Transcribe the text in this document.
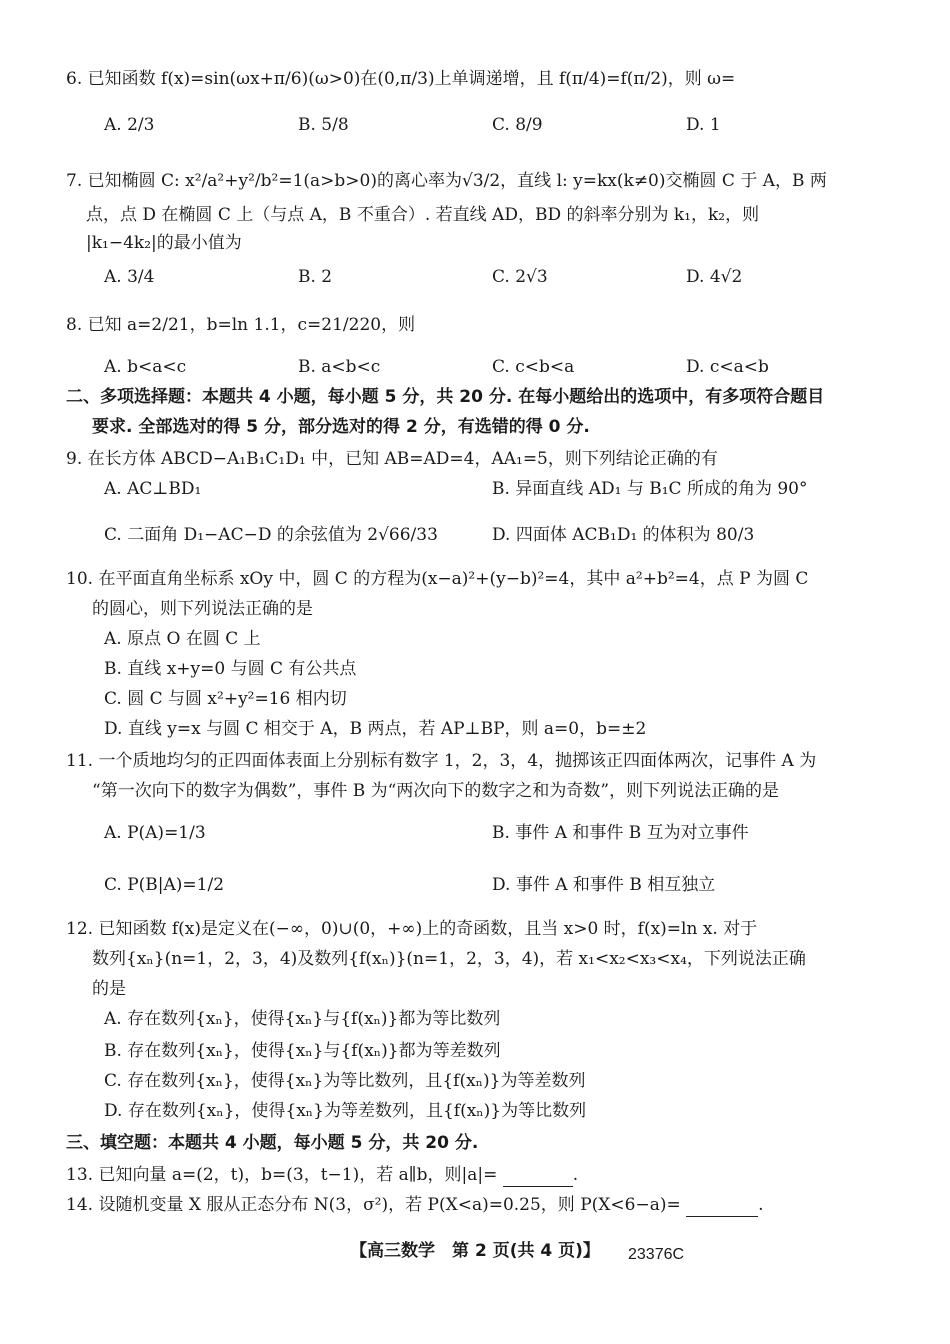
6. 已知函数 f(x)=sin(ωx+π/6)(ω>0)在(0,π/3)上单调递增，且 f(π/4)=f(π/2)，则 ω=
A. 2/3	B. 5/8	C. 8/9	D. 1
7. 已知椭圆 C: x²/a²+y²/b²=1(a>b>0)的离心率为√3/2，直线 l: y=kx(k≠0)交椭圆 C 于 A，B 两
点，点 D 在椭圆 C 上（与点 A，B 不重合）. 若直线 AD，BD 的斜率分别为 k₁，k₂，则
|k₁−4k₂|的最小值为
A. 3/4	B. 2	C. 2√3	D. 4√2
8. 已知 a=2/21，b=ln 1.1，c=21/220，则
A. b<a<c	B. a<b<c	C. c<b<a	D. c<a<b
二、多项选择题：本题共 4 小题，每小题 5 分，共 20 分. 在每小题给出的选项中，有多项符合题目
要求. 全部选对的得 5 分，部分选对的得 2 分，有选错的得 0 分.
9. 在长方体 ABCD−A₁B₁C₁D₁ 中，已知 AB=AD=4，AA₁=5，则下列结论正确的有
A. AC⊥BD₁	B. 异面直线 AD₁ 与 B₁C 所成的角为 90°
C. 二面角 D₁−AC−D 的余弦值为 2√66/33	D. 四面体 ACB₁D₁ 的体积为 80/3
10. 在平面直角坐标系 xOy 中，圆 C 的方程为(x−a)²+(y−b)²=4，其中 a²+b²=4，点 P 为圆 C
的圆心，则下列说法正确的是
A. 原点 O 在圆 C 上
B. 直线 x+y=0 与圆 C 有公共点
C. 圆 C 与圆 x²+y²=16 相内切
D. 直线 y=x 与圆 C 相交于 A，B 两点，若 AP⊥BP，则 a=0，b=±2
11. 一个质地均匀的正四面体表面上分别标有数字 1，2，3，4，抛掷该正四面体两次，记事件 A 为
“第一次向下的数字为偶数”，事件 B 为“两次向下的数字之和为奇数”，则下列说法正确的是
A. P(A)=1/3	B. 事件 A 和事件 B 互为对立事件
C. P(B|A)=1/2	D. 事件 A 和事件 B 相互独立
12. 已知函数 f(x)是定义在(−∞，0)∪(0，+∞)上的奇函数，且当 x>0 时，f(x)=ln x. 对于
数列{xₙ}(n=1，2，3，4)及数列{f(xₙ)}(n=1，2，3，4)，若 x₁<x₂<x₃<x₄，下列说法正确
的是
A. 存在数列{xₙ}，使得{xₙ}与{f(xₙ)}都为等比数列
B. 存在数列{xₙ}，使得{xₙ}与{f(xₙ)}都为等差数列
C. 存在数列{xₙ}，使得{xₙ}为等比数列，且{f(xₙ)}为等差数列
D. 存在数列{xₙ}，使得{xₙ}为等差数列，且{f(xₙ)}为等比数列
三、填空题：本题共 4 小题，每小题 5 分，共 20 分.
13. 已知向量 a=(2，t)，b=(3，t−1)，若 a∥b，则|a|=	.
14. 设随机变量 X 服从正态分布 N(3，σ²)，若 P(X<a)=0.25，则 P(X<6−a)=	.
【高三数学　第 2 页(共 4 页)】	23376C
